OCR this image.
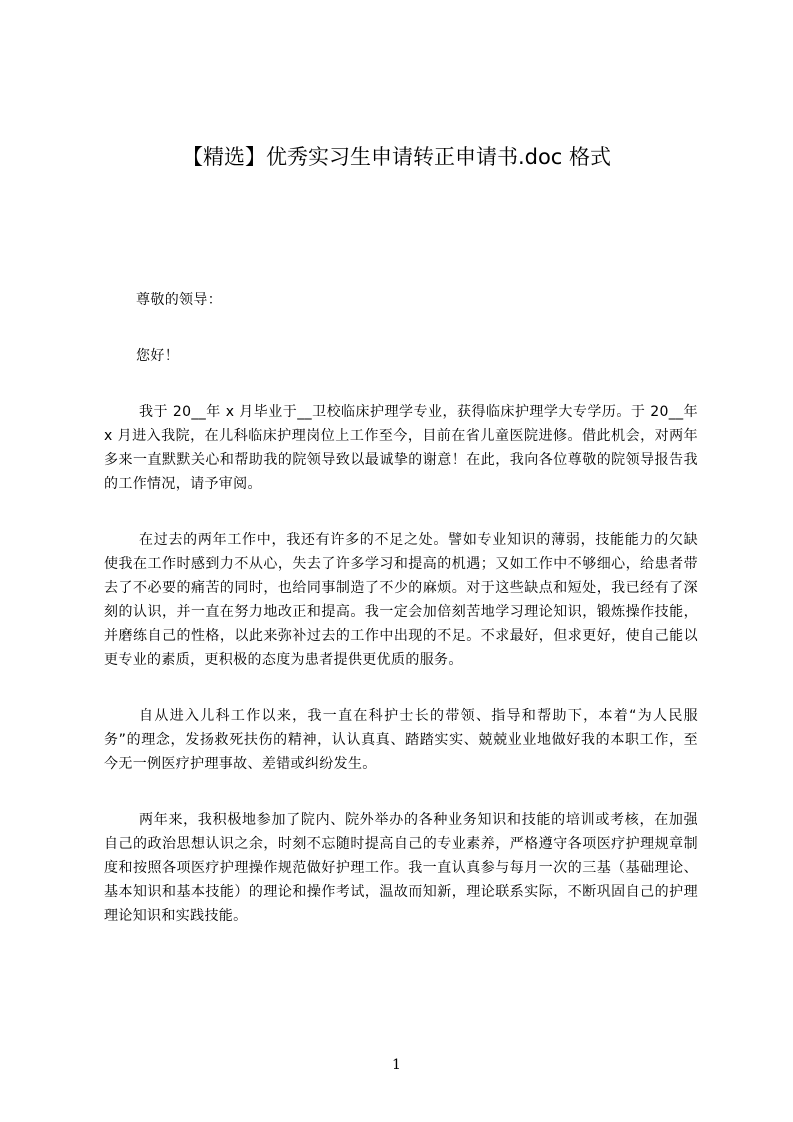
【精选】优秀实习生申请转正申请书.doc 格式

尊敬的领导：

您好！

我于 20__年 x 月毕业于__卫校临床护理学专业，获得临床护理学大专学历。于 20__年 x 月进入我院，在儿科临床护理岗位上工作至今，目前在省儿童医院进修。借此机会，对两年多来一直默默关心和帮助我的院领导致以最诚挚的谢意！在此，我向各位尊敬的院领导报告我的工作情况，请予审阅。

在过去的两年工作中，我还有许多的不足之处。譬如专业知识的薄弱，技能能力的欠缺使我在工作时感到力不从心，失去了许多学习和提高的机遇；又如工作中不够细心，给患者带去了不必要的痛苦的同时，也给同事制造了不少的麻烦。对于这些缺点和短处，我已经有了深刻的认识，并一直在努力地改正和提高。我一定会加倍刻苦地学习理论知识，锻炼操作技能，并磨练自己的性格，以此来弥补过去的工作中出现的不足。不求最好，但求更好，使自己能以更专业的素质，更积极的态度为患者提供更优质的服务。

自从进入儿科工作以来，我一直在科护士长的带领、指导和帮助下，本着“为人民服务”的理念，发扬救死扶伤的精神，认认真真、踏踏实实、兢兢业业地做好我的本职工作，至今无一例医疗护理事故、差错或纠纷发生。

两年来，我积极地参加了院内、院外举办的各种业务知识和技能的培训或考核，在加强自己的政治思想认识之余，时刻不忘随时提高自己的专业素养，严格遵守各项医疗护理规章制度和按照各项医疗护理操作规范做好护理工作。我一直认真参与每月一次的三基（基础理论、基本知识和基本技能）的理论和操作考试，温故而知新，理论联系实际，不断巩固自己的护理理论知识和实践技能。

1
